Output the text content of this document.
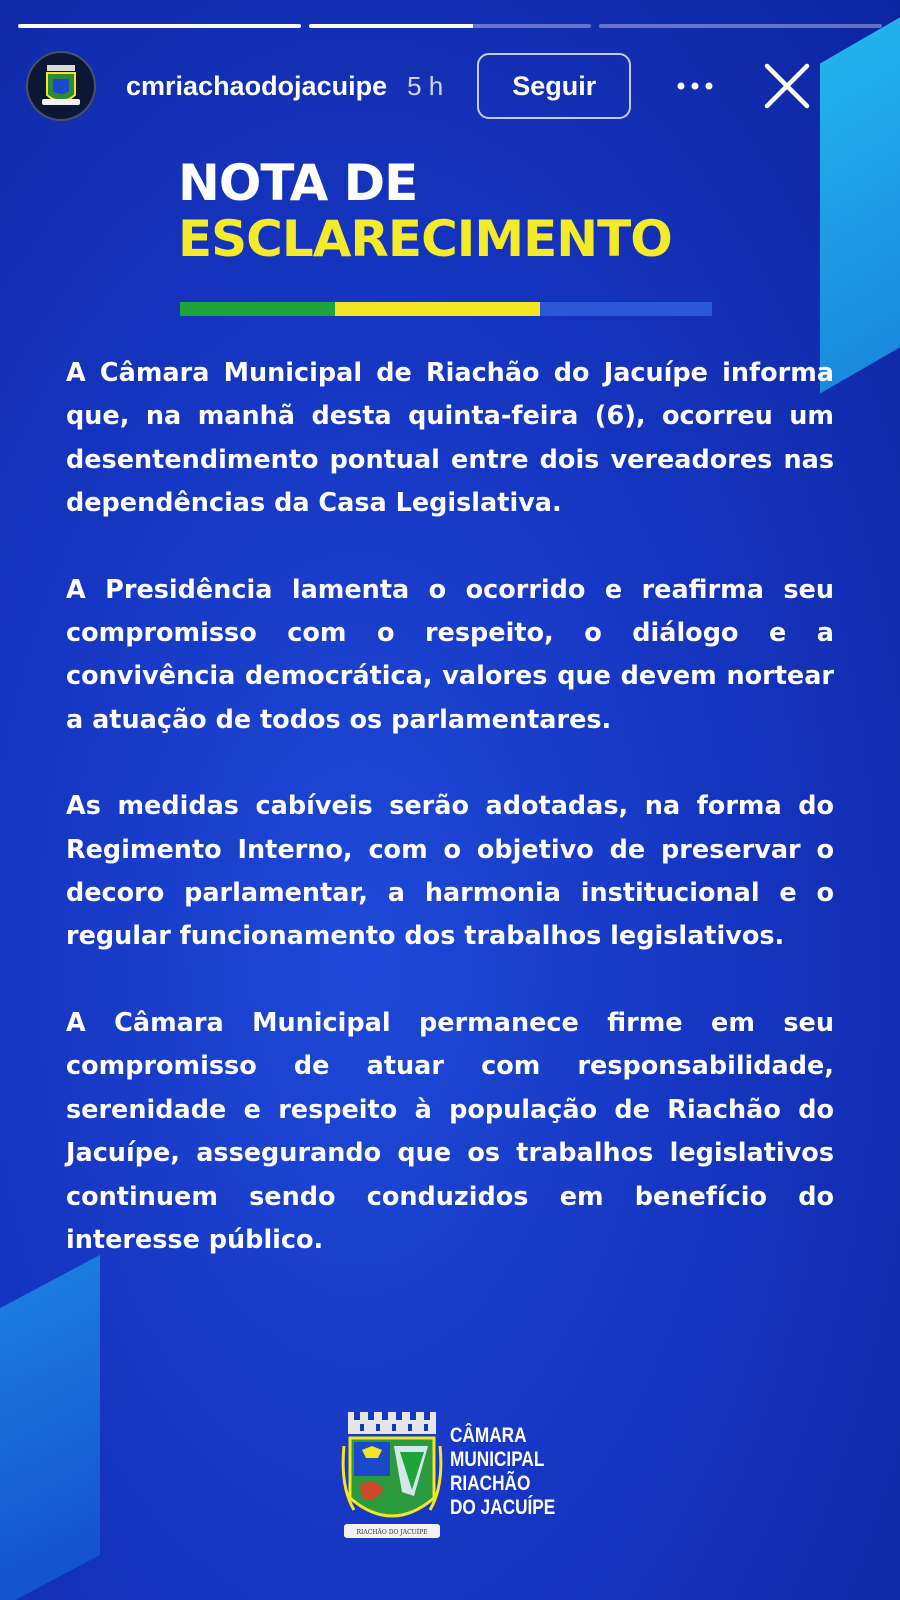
cmriachaodojacuipe 5 h	Seguir
NOTA DE
ESCLARECIMENTO

A Câmara Municipal de Riachão do Jacuípe informa que, na manhã desta quinta-feira (6), ocorreu um desentendimento pontual entre dois vereadores nas dependências da Casa Legislativa.

A Presidência lamenta o ocorrido e reafirma seu compromisso com o respeito, o diálogo e a convivência democrática, valores que devem nortear a atuação de todos os parlamentares.

As medidas cabíveis serão adotadas, na forma do Regimento Interno, com o objetivo de preservar o decoro parlamentar, a harmonia institucional e o regular funcionamento dos trabalhos legislativos.

A Câmara Municipal permanece firme em seu compromisso de atuar com responsabilidade, serenidade e respeito à população de Riachão do Jacuípe, assegurando que os trabalhos legislativos continuem sendo conduzidos em benefício do interesse público.

RIACHÃO DO JACUÍPE
CÂMARA
MUNICIPAL
RIACHÃO
DO JACUÍPE
